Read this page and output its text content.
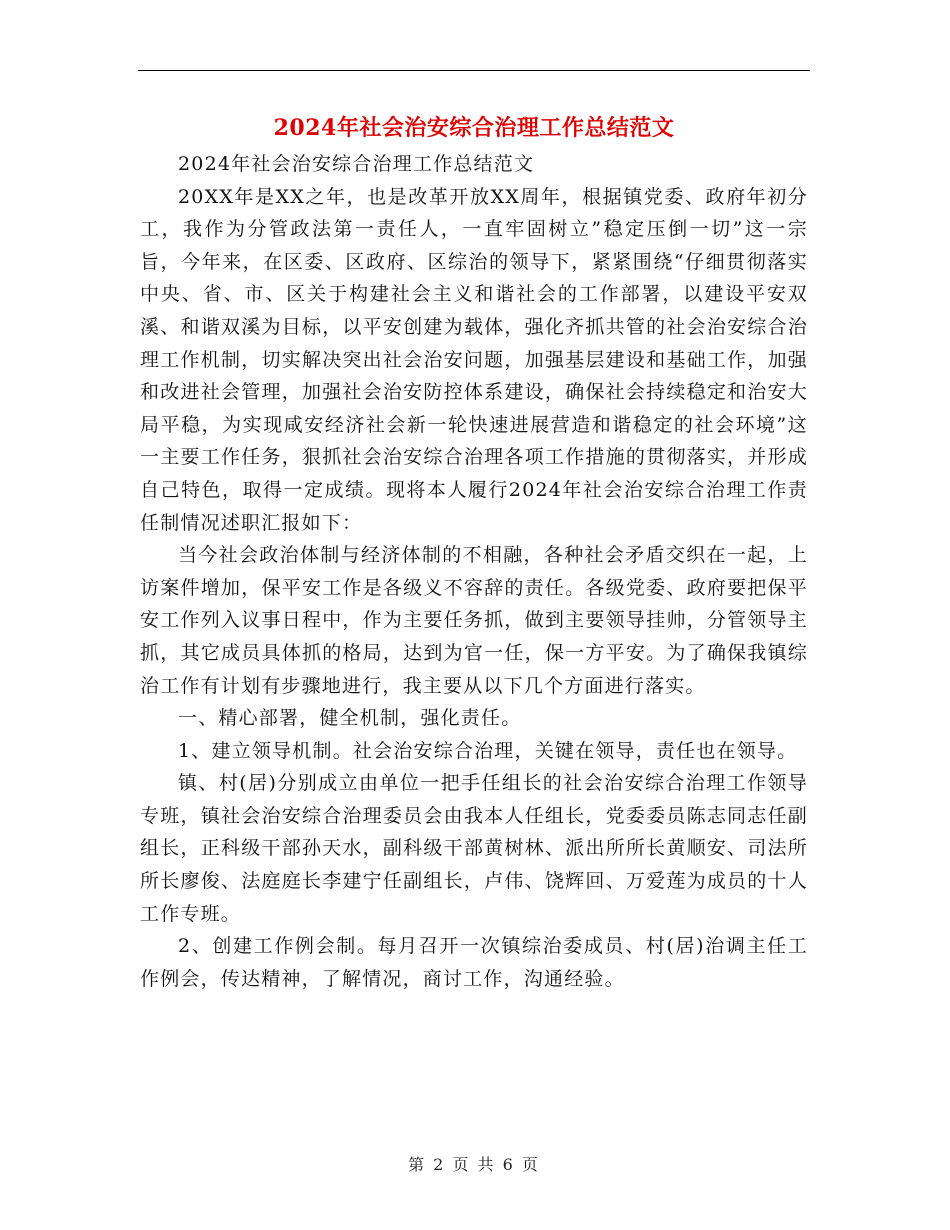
2024年社会治安综合治理工作总结范文

2024年社会治安综合治理工作总结范文

20XX年是XX之年，也是改革开放XX周年，根据镇党委、政府年初分工，我作为分管政法第一责任人，一直牢固树立”稳定压倒一切”这一宗旨，今年来，在区委、区政府、区综治的领导下，紧紧围绕“仔细贯彻落实中央、省、市、区关于构建社会主义和谐社会的工作部署，以建设平安双溪、和谐双溪为目标，以平安创建为载体，强化齐抓共管的社会治安综合治理工作机制，切实解决突出社会治安问题，加强基层建设和基础工作，加强和改进社会管理，加强社会治安防控体系建设，确保社会持续稳定和治安大局平稳，为实现咸安经济社会新一轮快速进展营造和谐稳定的社会环境”这一主要工作任务，狠抓社会治安综合治理各项工作措施的贯彻落实，并形成自己特色，取得一定成绩。现将本人履行2024年社会治安综合治理工作责任制情况述职汇报如下：

当今社会政治体制与经济体制的不相融，各种社会矛盾交织在一起，上访案件增加，保平安工作是各级义不容辞的责任。各级党委、政府要把保平安工作列入议事日程中，作为主要任务抓，做到主要领导挂帅，分管领导主抓，其它成员具体抓的格局，达到为官一任，保一方平安。为了确保我镇综治工作有计划有步骤地进行，我主要从以下几个方面进行落实。

一、精心部署，健全机制，强化责任。

1、建立领导机制。社会治安综合治理，关键在领导，责任也在领导。

镇、村(居)分别成立由单位一把手任组长的社会治安综合治理工作领导专班，镇社会治安综合治理委员会由我本人任组长，党委委员陈志同志任副组长，正科级干部孙天水，副科级干部黄树林、派出所所长黄顺安、司法所所长廖俊、法庭庭长李建宁任副组长，卢伟、饶辉回、万爱莲为成员的十人工作专班。

2、创建工作例会制。每月召开一次镇综治委成员、村(居)治调主任工作例会，传达精神，了解情况，商讨工作，沟通经验。

第 2 页 共 6 页
